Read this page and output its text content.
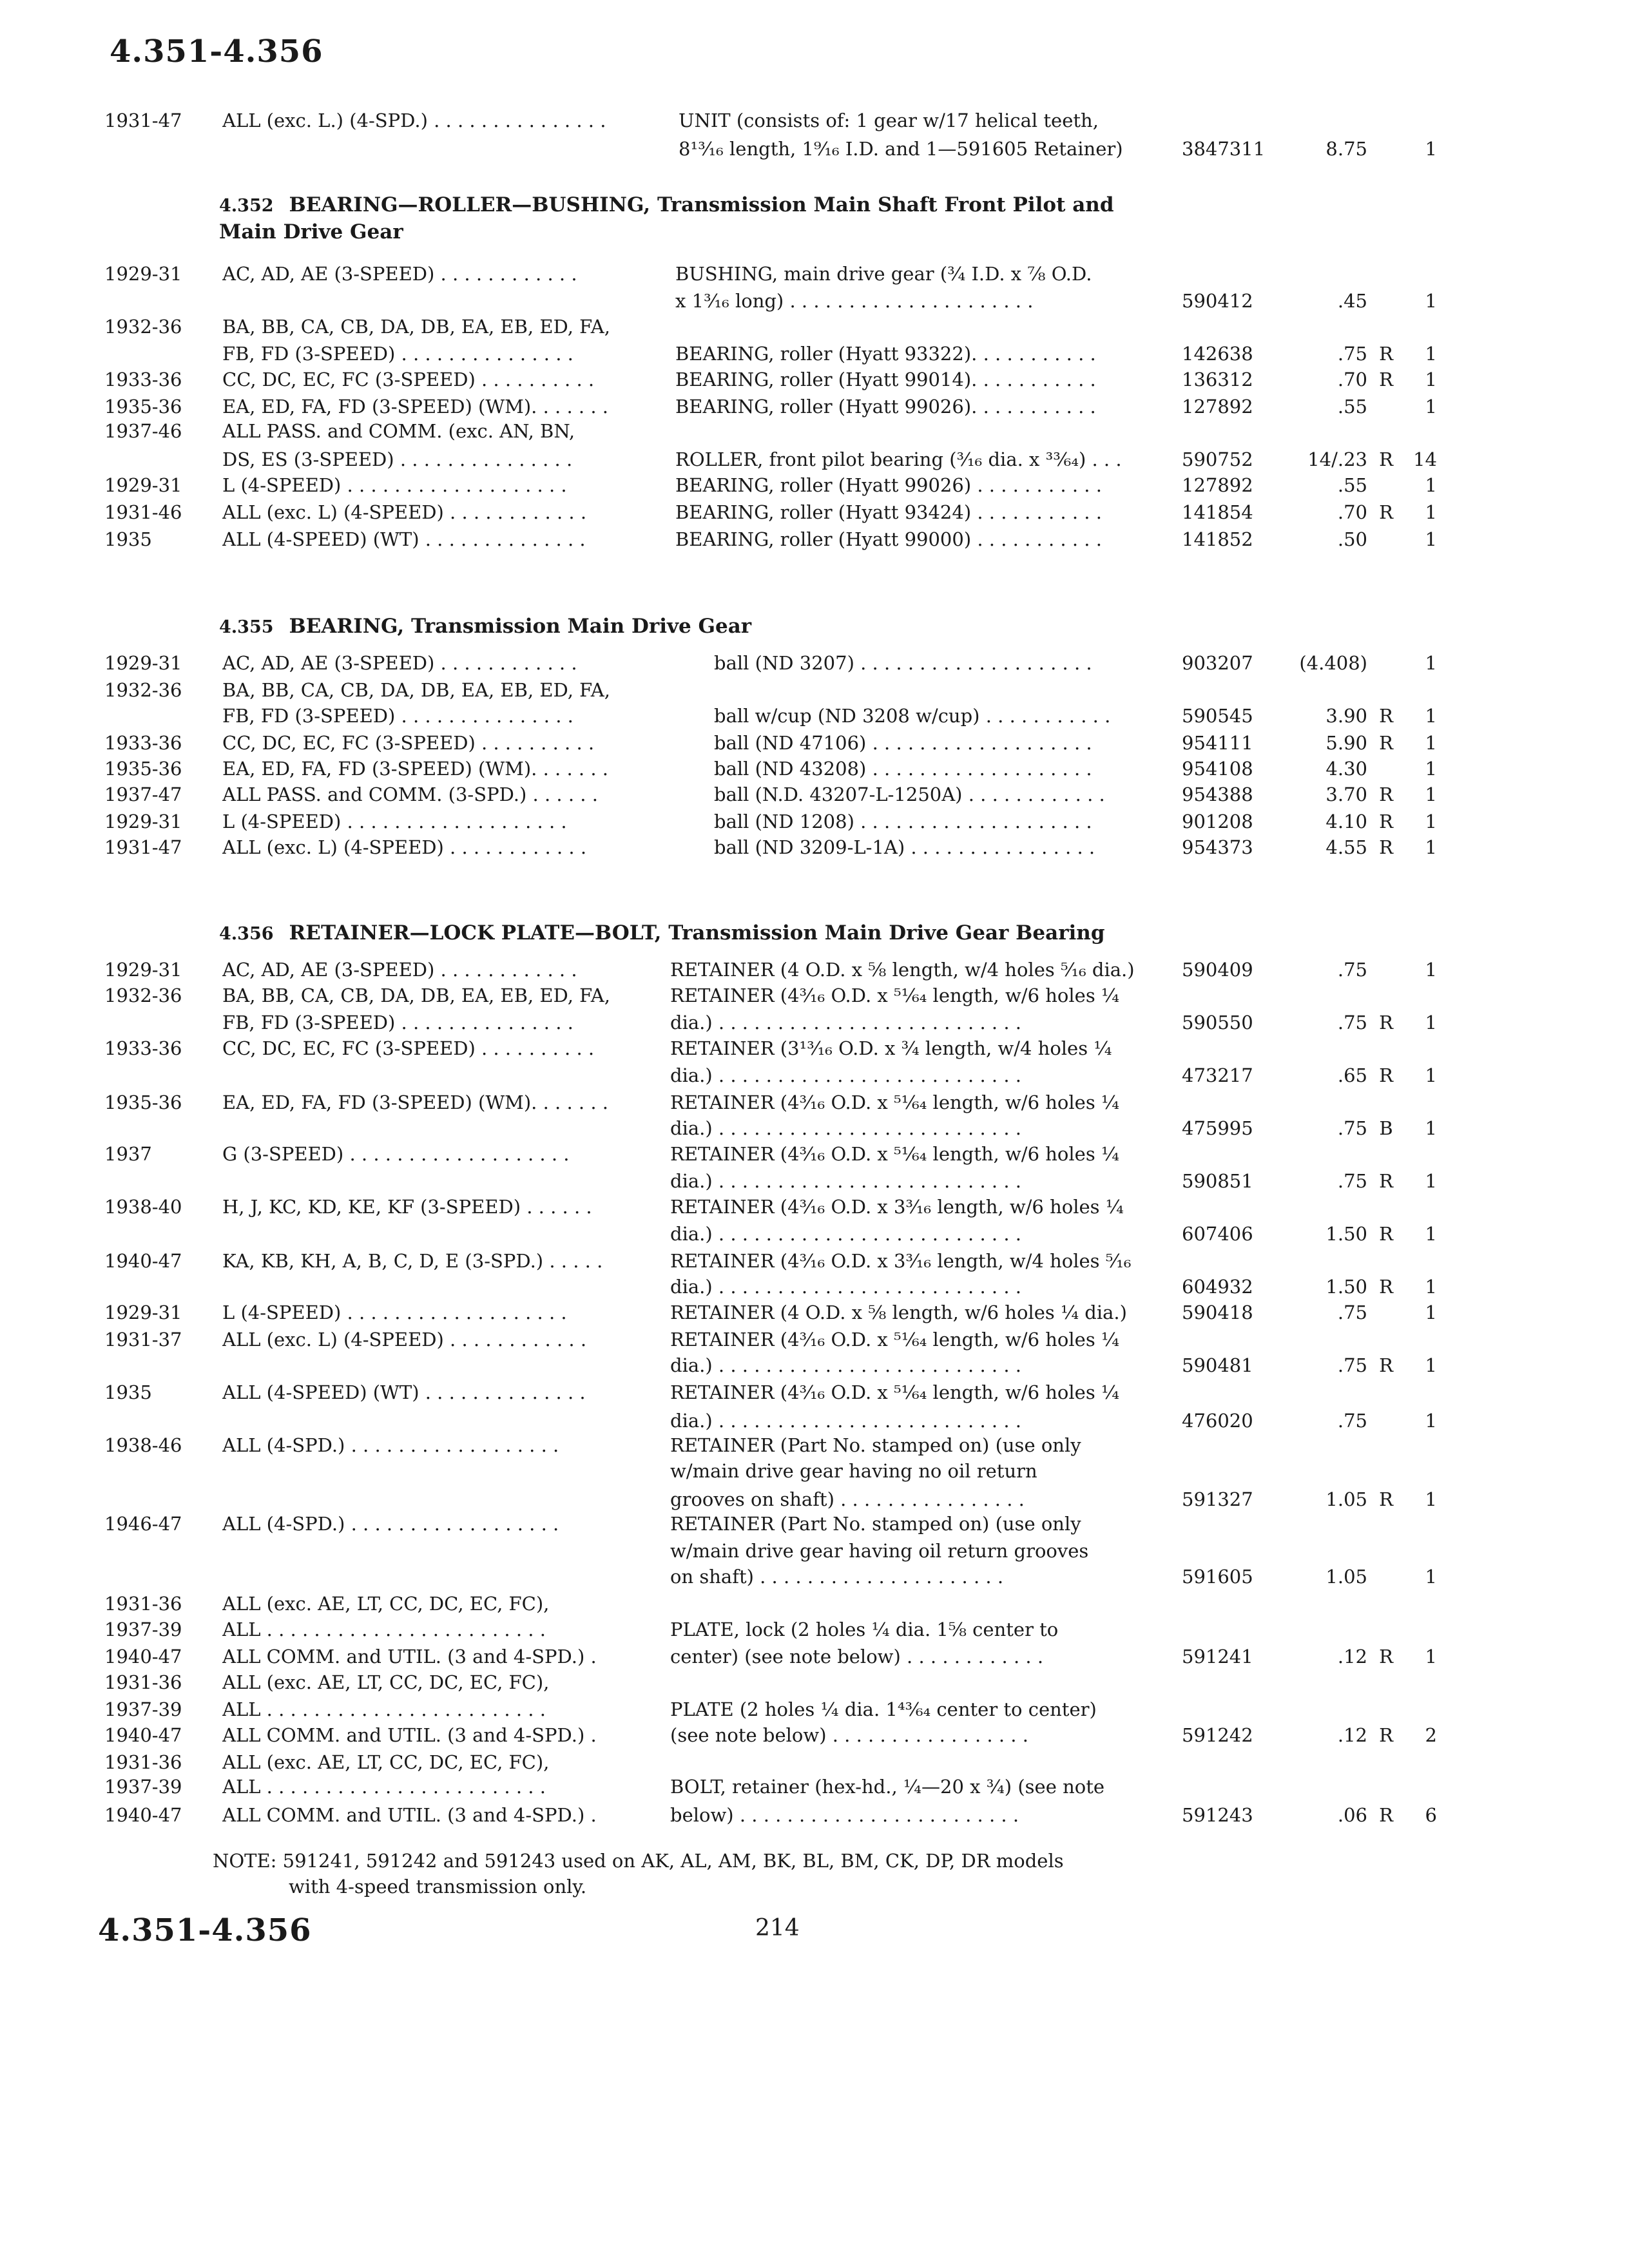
4.351-4.356
1931-47	ALL (exc. L.) (4-SPD.) . . . . . . . . . . . . . . .	UNIT (consists of: 1 gear w/17 helical teeth,
8¹³⁄₁₆ length, 1⁹⁄₁₆ I.D. and 1—591605 Retainer)	3847311	8.75	1
4.352 BEARING—ROLLER—BUSHING, Transmission Main Shaft Front Pilot and Main Drive Gear
1929-31	AC, AD, AE (3-SPEED) . . . . . . . . . . . .	BUSHING, main drive gear (¾ I.D. x ⅞ O.D.
x 1³⁄₁₆ long) . . . . . . . . . . . . . . . . . . . . .	590412	.45	1
1932-36	BA, BB, CA, CB, DA, DB, EA, EB, ED, FA,
FB, FD (3-SPEED) . . . . . . . . . . . . . . .	BEARING, roller (Hyatt 93322). . . . . . . . . . .	142638	.75 R	1
1933-36	CC, DC, EC, FC (3-SPEED) . . . . . . . . . .	BEARING, roller (Hyatt 99014). . . . . . . . . . .	136312	.70 R	1
1935-36	EA, ED, FA, FD (3-SPEED) (WM). . . . . . .	BEARING, roller (Hyatt 99026). . . . . . . . . . .	127892	.55	1
1937-46	ALL PASS. and COMM. (exc. AN, BN,
DS, ES (3-SPEED) . . . . . . . . . . . . . . .	ROLLER, front pilot bearing (³⁄₁₆ dia. x ³³⁄₆₄) . . .	590752	14/.23 R	14
1929-31	L (4-SPEED) . . . . . . . . . . . . . . . . . . .	BEARING, roller (Hyatt 99026) . . . . . . . . . . .	127892	.55	1
1931-46	ALL (exc. L) (4-SPEED) . . . . . . . . . . . .	BEARING, roller (Hyatt 93424) . . . . . . . . . . .	141854	.70 R	1
1935	ALL (4-SPEED) (WT) . . . . . . . . . . . . . .	BEARING, roller (Hyatt 99000) . . . . . . . . . . .	141852	.50	1
4.355 BEARING, Transmission Main Drive Gear
1929-31	AC, AD, AE (3-SPEED) . . . . . . . . . . . .	ball (ND 3207) . . . . . . . . . . . . . . . . . . . .	903207	(4.408)	1
1932-36	BA, BB, CA, CB, DA, DB, EA, EB, ED, FA,
FB, FD (3-SPEED) . . . . . . . . . . . . . . .	ball w/cup (ND 3208 w/cup) . . . . . . . . . . .	590545	3.90 R	1
1933-36	CC, DC, EC, FC (3-SPEED) . . . . . . . . . .	ball (ND 47106) . . . . . . . . . . . . . . . . . . .	954111	5.90 R	1
1935-36	EA, ED, FA, FD (3-SPEED) (WM). . . . . . .	ball (ND 43208) . . . . . . . . . . . . . . . . . . .	954108	4.30	1
1937-47	ALL PASS. and COMM. (3-SPD.) . . . . . .	ball (N.D. 43207-L-1250A) . . . . . . . . . . . .	954388	3.70 R	1
1929-31	L (4-SPEED) . . . . . . . . . . . . . . . . . . .	ball (ND 1208) . . . . . . . . . . . . . . . . . . . .	901208	4.10 R	1
1931-47	ALL (exc. L) (4-SPEED) . . . . . . . . . . . .	ball (ND 3209-L-1A) . . . . . . . . . . . . . . . .	954373	4.55 R	1
4.356 RETAINER—LOCK PLATE—BOLT, Transmission Main Drive Gear Bearing
1929-31	AC, AD, AE (3-SPEED) . . . . . . . . . . . .	RETAINER (4 O.D. x ⅝ length, w/4 holes ⁵⁄₁₆ dia.)	590409	.75	1
1932-36	BA, BB, CA, CB, DA, DB, EA, EB, ED, FA,	RETAINER (4³⁄₁₆ O.D. x ⁵¹⁄₆₄ length, w/6 holes ¼
FB, FD (3-SPEED) . . . . . . . . . . . . . . .	dia.) . . . . . . . . . . . . . . . . . . . . . . . . . .	590550	.75 R	1
1933-36	CC, DC, EC, FC (3-SPEED) . . . . . . . . . .	RETAINER (3¹³⁄₁₆ O.D. x ¾ length, w/4 holes ¼
dia.) . . . . . . . . . . . . . . . . . . . . . . . . . .	473217	.65 R	1
1935-36	EA, ED, FA, FD (3-SPEED) (WM). . . . . . .	RETAINER (4³⁄₁₆ O.D. x ⁵¹⁄₆₄ length, w/6 holes ¼
dia.) . . . . . . . . . . . . . . . . . . . . . . . . . .	475995	.75 B	1
1937	G (3-SPEED) . . . . . . . . . . . . . . . . . . .	RETAINER (4³⁄₁₆ O.D. x ⁵¹⁄₆₄ length, w/6 holes ¼
dia.) . . . . . . . . . . . . . . . . . . . . . . . . . .	590851	.75 R	1
1938-40	H, J, KC, KD, KE, KF (3-SPEED) . . . . . .	RETAINER (4³⁄₁₆ O.D. x 3³⁄₁₆ length, w/6 holes ¼
dia.) . . . . . . . . . . . . . . . . . . . . . . . . . .	607406	1.50 R	1
1940-47	KA, KB, KH, A, B, C, D, E (3-SPD.) . . . . .	RETAINER (4³⁄₁₆ O.D. x 3³⁄₁₆ length, w/4 holes ⁵⁄₁₆
dia.) . . . . . . . . . . . . . . . . . . . . . . . . . .	604932	1.50 R	1
1929-31	L (4-SPEED) . . . . . . . . . . . . . . . . . . .	RETAINER (4 O.D. x ⅝ length, w/6 holes ¼ dia.)	590418	.75	1
1931-37	ALL (exc. L) (4-SPEED) . . . . . . . . . . . .	RETAINER (4³⁄₁₆ O.D. x ⁵¹⁄₆₄ length, w/6 holes ¼
dia.) . . . . . . . . . . . . . . . . . . . . . . . . . .	590481	.75 R	1
1935	ALL (4-SPEED) (WT) . . . . . . . . . . . . . .	RETAINER (4³⁄₁₆ O.D. x ⁵¹⁄₆₄ length, w/6 holes ¼
dia.) . . . . . . . . . . . . . . . . . . . . . . . . . .	476020	.75	1
1938-46	ALL (4-SPD.) . . . . . . . . . . . . . . . . . .	RETAINER (Part No. stamped on) (use only
w/main drive gear having no oil return
grooves on shaft) . . . . . . . . . . . . . . . .	591327	1.05 R	1
1946-47	ALL (4-SPD.) . . . . . . . . . . . . . . . . . .	RETAINER (Part No. stamped on) (use only
w/main drive gear having oil return grooves
on shaft) . . . . . . . . . . . . . . . . . . . . .	591605	1.05	1
1931-36	ALL (exc. AE, LT, CC, DC, EC, FC),
1937-39	ALL . . . . . . . . . . . . . . . . . . . . . . . .	PLATE, lock (2 holes ¼ dia. 1⅝ center to
1940-47	ALL COMM. and UTIL. (3 and 4-SPD.) .	center) (see note below) . . . . . . . . . . . .	591241	.12 R	1
1931-36	ALL (exc. AE, LT, CC, DC, EC, FC),
1937-39	ALL . . . . . . . . . . . . . . . . . . . . . . . .	PLATE (2 holes ¼ dia. 1⁴³⁄₆₄ center to center)
1940-47	ALL COMM. and UTIL. (3 and 4-SPD.) .	(see note below) . . . . . . . . . . . . . . . . .	591242	.12 R	2
1931-36	ALL (exc. AE, LT, CC, DC, EC, FC),
1937-39	ALL . . . . . . . . . . . . . . . . . . . . . . . .	BOLT, retainer (hex-hd., ¼—20 x ¾) (see note
1940-47	ALL COMM. and UTIL. (3 and 4-SPD.) .	below) . . . . . . . . . . . . . . . . . . . . . . . .	591243	.06 R	6
NOTE: 591241, 591242 and 591243 used on AK, AL, AM, BK, BL, BM, CK, DP, DR models
with 4-speed transmission only.
4.351-4.356	214
